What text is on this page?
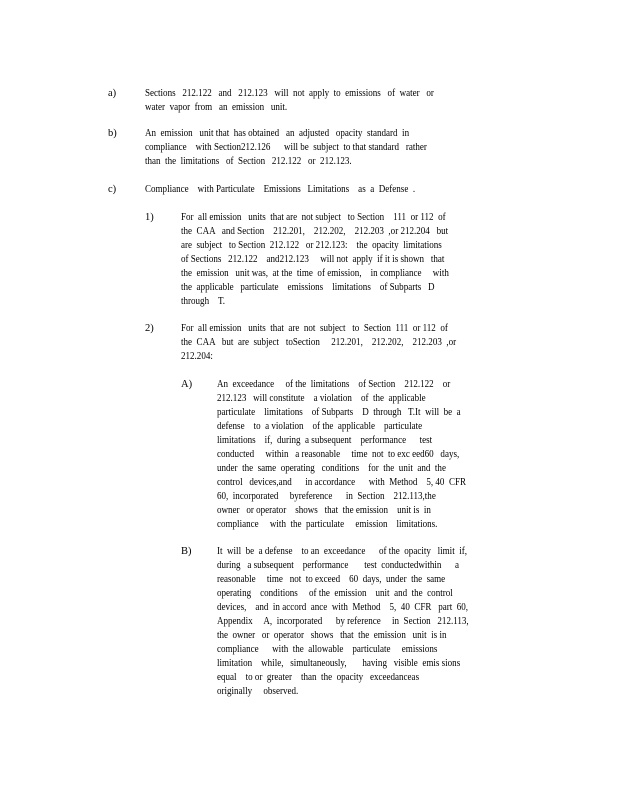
a)	Sections   212.122   and   212.123   will  not  apply  to  emissions   of  water   or
water  vapor  from   an  emission   unit.
b)	An  emission   unit that  has obtained   an  adjusted   opacity  standard  in
compliance    with Section212.126      will be  subject  to that standard   rather
than  the  limitations   of  Section   212.122   or  212.123.
c)	Compliance    with Particulate    Emissions   Limitations    as  a  Defense  .
1)	For  all emission   units  that are  not subject   to Section    111  or 112  of
the  CAA   and Section    212.201,    212.202,    212.203  ,or 212.204   but
are  subject   to Section  212.122   or 212.123:    the  opacity  limitations
of Sections   212.122    and212.123     will not  apply  if it is shown   that
the  emission   unit was,  at the  time  of emission,    in compliance     with
the  applicable   particulate    emissions    limitations    of Subparts   D
through    T.
2)	For  all emission   units  that  are  not  subject   to  Section  111  or 112  of
the  CAA   but  are  subject   toSection     212.201,    212.202,    212.203  ,or
212.204:
A) An  exceedance     of the  limitations    of Section    212.122    or
212.123   will constitute    a violation    of  the  applicable
particulate    limitations    of Subparts    D  through   T.It  will  be  a
defense    to  a violation    of the  applicable    particulate
limitations    if,  during  a subsequent    performance      test
conducted     within   a reasonable     time  not  to exc eed60   days,
under  the  same  operating   conditions    for  the  unit  and  the
control   devices,and      in accordance      with  Method    5, 40  CFR
60,  incorporated     byreference      in  Section    212.113,the
owner   or operator    shows   that  the emission    unit is  in
compliance     with  the  particulate     emission    limitations.
B) It  will  be  a defense    to an  exceedance      of the  opacity   limit  if,
during   a subsequent    performance       test  conductedwithin      a
reasonable     time   not  to exceed    60  days,  under  the  same
operating    conditions     of the  emission    unit  and  the  control
devices,    and  in accord  ance  with  Method    5,  40  CFR   part  60,
Appendix     A,  incorporated      by reference     in  Section   212.113,
the  owner   or  operator   shows   that  the  emission   unit  is in
compliance      with  the  allowable    particulate     emissions
limitation    while,   simultaneously,       having   visible  emis sions
equal    to or  greater    than  the  opacity   exceedanceas
originally     observed.
